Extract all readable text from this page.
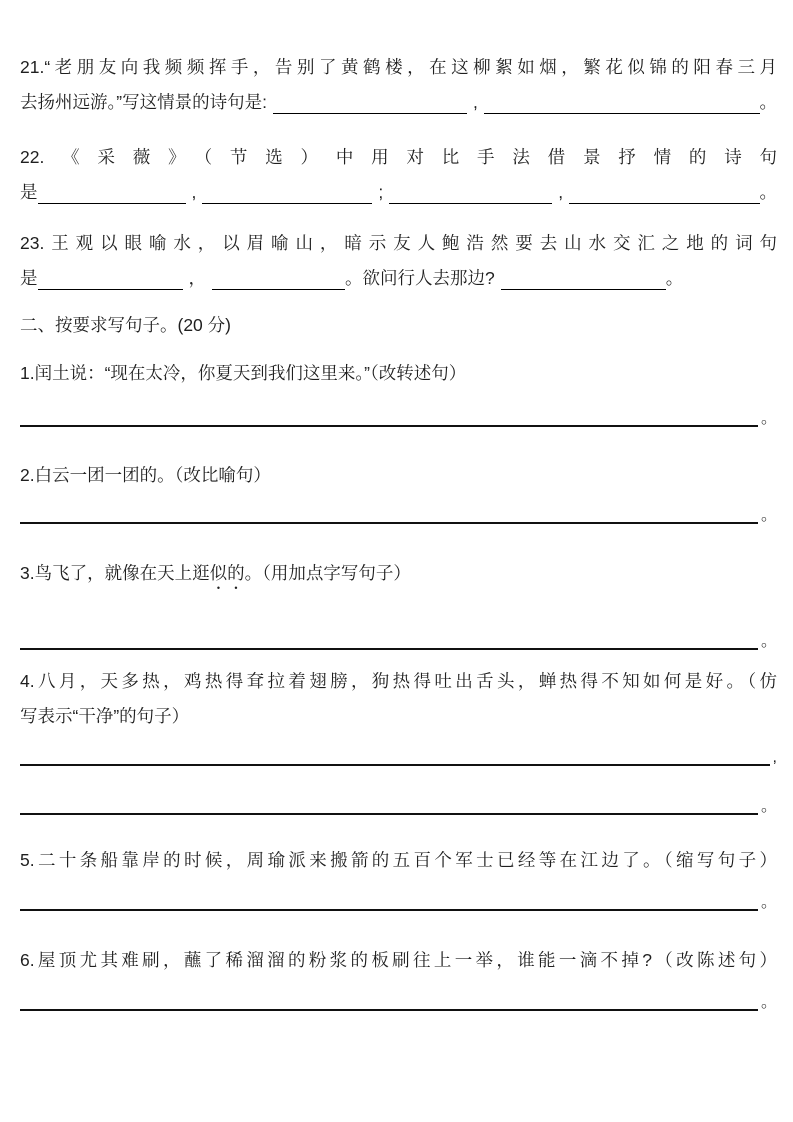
21.“老朋友向我频频挥手，告别了黄鹤楼，在这柳絮如烟，繁花似锦的阳春三月
去扬州远游。”写这情景的诗句是:	,	。
22.《采薇》（节选）中用对比手法借景抒情的诗句
是	,	;	,	。
23.王观以眼喻水，以眉喻山，暗示友人鲍浩然要去山水交汇之地的词句
是	，	。欲问行人去那边?	。
二、按要求写句子。(20 分)
1.闰土说：“现在太冷，你夏天到我们这里来。”（改转述句）
。
2.白云一团一团的。（改比喻句）
。
3.鸟飞了，就像在天上逛似的。（用加点字写句子）
。
4.八月，天多热，鸡热得耷拉着翅膀，狗热得吐出舌头，蝉热得不知如何是好。（仿
写表示“干净”的句子）
,
。
5.二十条船靠岸的时候，周瑜派来搬箭的五百个军士已经等在江边了。（缩写句子）
。
6.屋顶尤其难刷，蘸了稀溜溜的粉浆的板刷往上一举，谁能一滴不掉?（改陈述句）
。
